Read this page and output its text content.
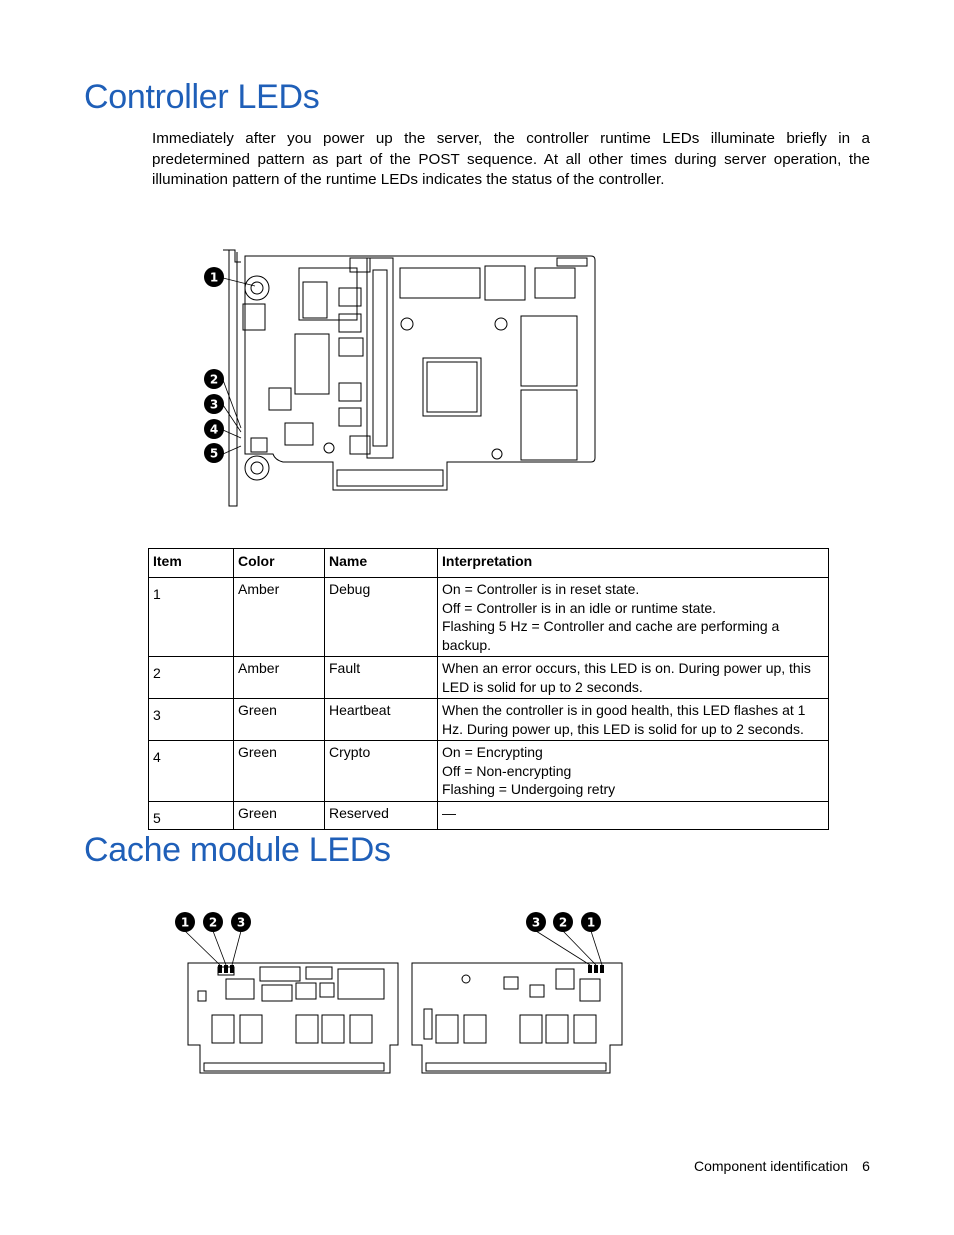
Controller LEDs

Immediately after you power up the server, the controller runtime LEDs illuminate briefly in a predetermined pattern as part of the POST sequence. At all other times during server operation, the illumination pattern of the runtime LEDs indicates the status of the controller.

1
2
3
4
5
Item	Color	Name	Interpretation
1	Amber	Debug	On = Controller is in reset state.
Off = Controller is in an idle or runtime state.
Flashing 5 Hz = Controller and cache are performing a backup.

2	Amber	Fault	When an error occurs, this LED is on. During power up, this LED is solid for up to 2 seconds.

3	Green	Heartbeat	When the controller is in good health, this LED flashes at 1 Hz. During power up, this LED is solid for up to 2 seconds.

4	Green	Crypto	On = Encrypting
Off = Non-encrypting
Flashing = Undergoing retry

5	Green	Reserved	—
Cache module LEDs
1 2 3	3 2 1
Component identification 6
